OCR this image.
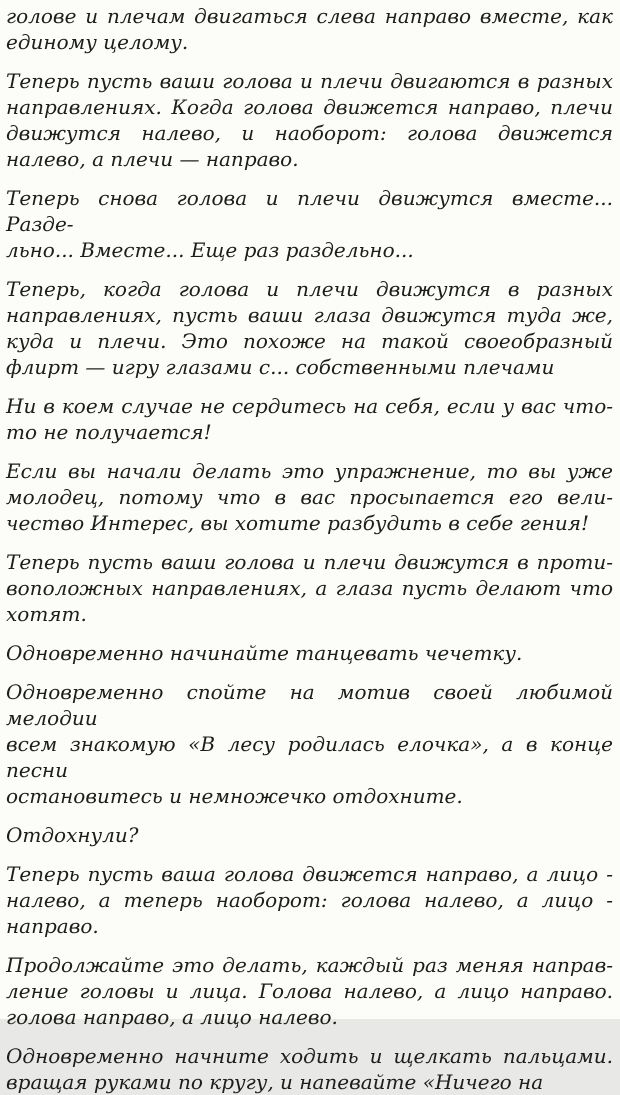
голове и плечам двигаться слева направо вместе, как
единому целому.

Теперь пусть ваши голова и плечи двигаются в разных
направлениях. Когда голова движется направо, плечи
движутся налево, и наоборот: голова движется
налево, а плечи — направо.

Теперь снова голова и плечи движутся вместе... Разде-
льно... Вместе... Еще раз раздельно...

Теперь, когда голова и плечи движутся в разных
направлениях, пусть ваши глаза движутся туда же,
куда и плечи. Это похоже на такой своеобразный
флирт — игру глазами с... собственными плечами

Ни в коем случае не сердитесь на себя, если у вас что-
то не получается!

Если вы начали делать это упражнение, то вы уже
молодец, потому что в вас просыпается его вели-
чество Интерес, вы хотите разбудить в себе гения!

Теперь пусть ваши голова и плечи движутся в проти-
воположных направлениях, а глаза пусть делают что
хотят.

Одновременно начинайте танцевать чечетку.

Одновременно спойте на мотив своей любимой мелодии
всем знакомую «В лесу родилась елочка», а в конце песни
остановитесь и немножечко отдохните.

Отдохнули?

Теперь пусть ваша голова движется направо, а лицо -
налево, а теперь наоборот: голова налево, а лицо -
направо.

Продолжайте это делать, каждый раз меняя направ-
ление головы и лица. Голова налево, а лицо направо.
голова направо, а лицо налево.

Одновременно начните ходить и щелкать пальцами.
вращая руками по кругу, и напевайте «Ничего на
